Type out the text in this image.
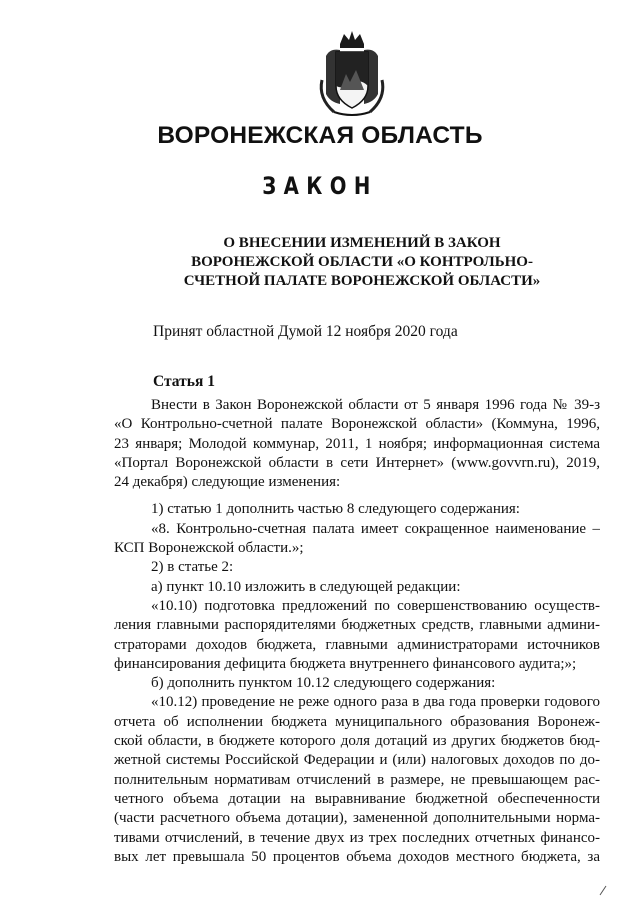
ВОРОНЕЖСКАЯ ОБЛАСТЬ
ЗАКОН
О ВНЕСЕНИИ ИЗМЕНЕНИЙ В ЗАКОН
ВОРОНЕЖСКОЙ ОБЛАСТИ «О КОНТРОЛЬНО-
СЧЕТНОЙ ПАЛАТЕ ВОРОНЕЖСКОЙ ОБЛАСТИ»
Принят областной Думой 12 ноября 2020 года
Статья 1
Внести в Закон Воронежской области от 5 января 1996 года № 39-з
«О Контрольно-счетной палате Воронежской области» (Коммуна, 1996,
23 января; Молодой коммунар, 2011, 1 ноября; информационная система
«Портал Воронежской области в сети Интернет» (www.govvrn.ru), 2019,
24 декабря) следующие изменения:
1) статью 1 дополнить частью 8 следующего содержания:
«8. Контрольно-счетная палата имеет сокращенное наименование –
КСП Воронежской области.»;
2) в статье 2:
а) пункт 10.10 изложить в следующей редакции:
«10.10) подготовка предложений по совершенствованию осуществ-
ления главными распорядителями бюджетных средств, главными админи-
страторами доходов бюджета, главными администраторами источников
финансирования дефицита бюджета внутреннего финансового аудита;»;
б) дополнить пунктом 10.12 следующего содержания:
«10.12) проведение не реже одного раза в два года проверки годового
отчета об исполнении бюджета муниципального образования Воронеж-
ской области, в бюджете которого доля дотаций из других бюджетов бюд-
жетной системы Российской Федерации и (или) налоговых доходов по до-
полнительным нормативам отчислений в размере, не превышающем рас-
четного объема дотации на выравнивание бюджетной обеспеченности
(части расчетного объема дотации), замененной дополнительными норма-
тивами отчислений, в течение двух из трех последних отчетных финансо-
вых лет превышала 50 процентов объема доходов местного бюджета, за
